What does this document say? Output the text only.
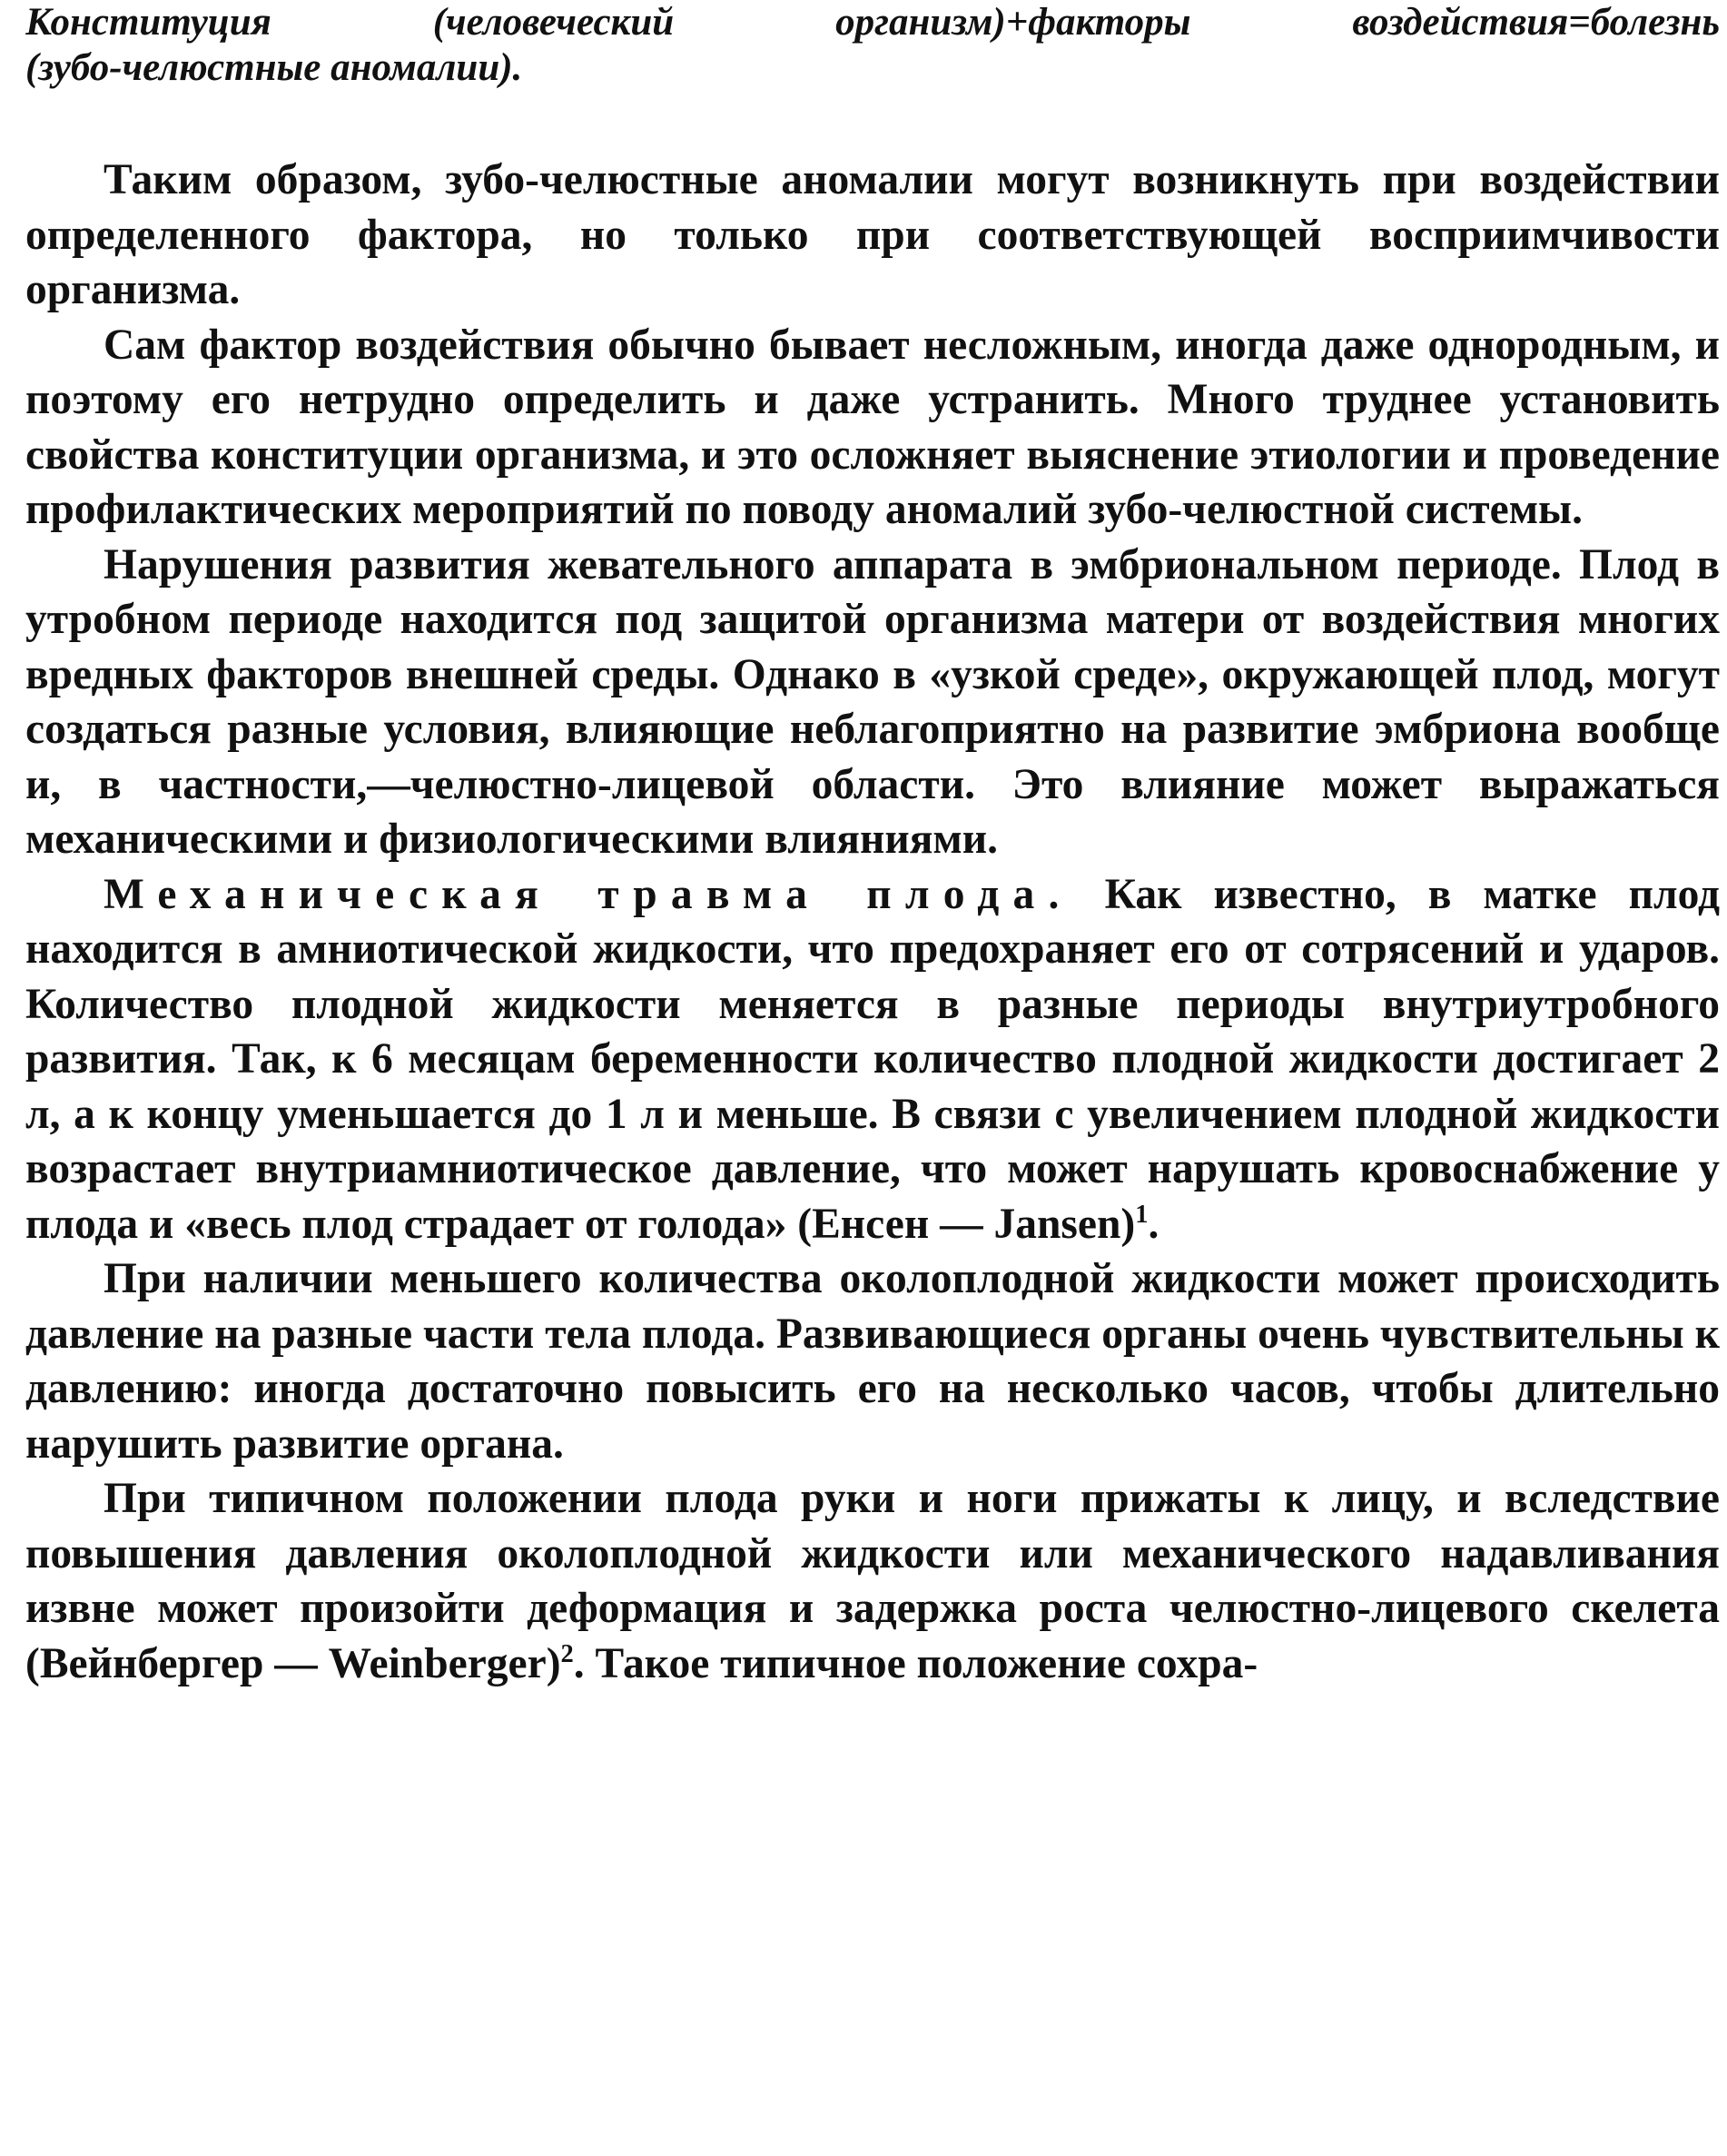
Конституция (человеческий организм)+факторы воздействия=болезнь
(зубо-челюстные аномалии).

Таким образом, зубо-челюстные аномалии могут возникнуть при воздействии определенного фактора, но только при соответствующей восприимчивости организма.

Сам фактор воздействия обычно бывает несложным, иногда даже однородным, и поэтому его нетрудно определить и даже устранить. Много труднее установить свойства конституции организма, и это осложняет выяснение этиологии и проведение профилактических мероприятий по поводу аномалий зубо-челюстной системы.

Нарушения развития жевательного аппарата в эмбриональном периоде. Плод в утробном периоде находится под защитой организма матери от воздействия многих вредных факторов внешней среды. Однако в «узкой среде», окружающей плод, могут создаться разные условия, влияющие неблагоприятно на развитие эмбриона вообще и, в частности,—челюстно-лицевой области. Это влияние может выражаться механическими и физиологическими влияниями.

Механическая травма плода. Как известно, в матке плод находится в амниотической жидкости, что предохраняет его от сотрясений и ударов. Количество плодной жидкости меняется в разные периоды внутриутробного развития. Так, к 6 месяцам беременности количество плодной жидкости достигает 2 л, а к концу уменьшается до 1 л и меньше. В связи с увеличением плодной жидкости возрастает внутриамниотическое давление, что может нарушать кровоснабжение у плода и «весь плод страдает от голода» (Енсен — Jansen)$^1$.

При наличии меньшего количества околоплодной жидкости может происходить давление на разные части тела плода. Развивающиеся органы очень чувствительны к давлению: иногда достаточно повысить его на несколько часов, чтобы длительно нарушить развитие органа.

При типичном положении плода руки и ноги прижаты к лицу, и вследствие повышения давления околоплодной жидкости или механического надавливания извне может произойти деформация и задержка роста челюстно-лицевого скелета (Вейнбергер — Weinberger)$^2$. Такое типичное положение сохра-
